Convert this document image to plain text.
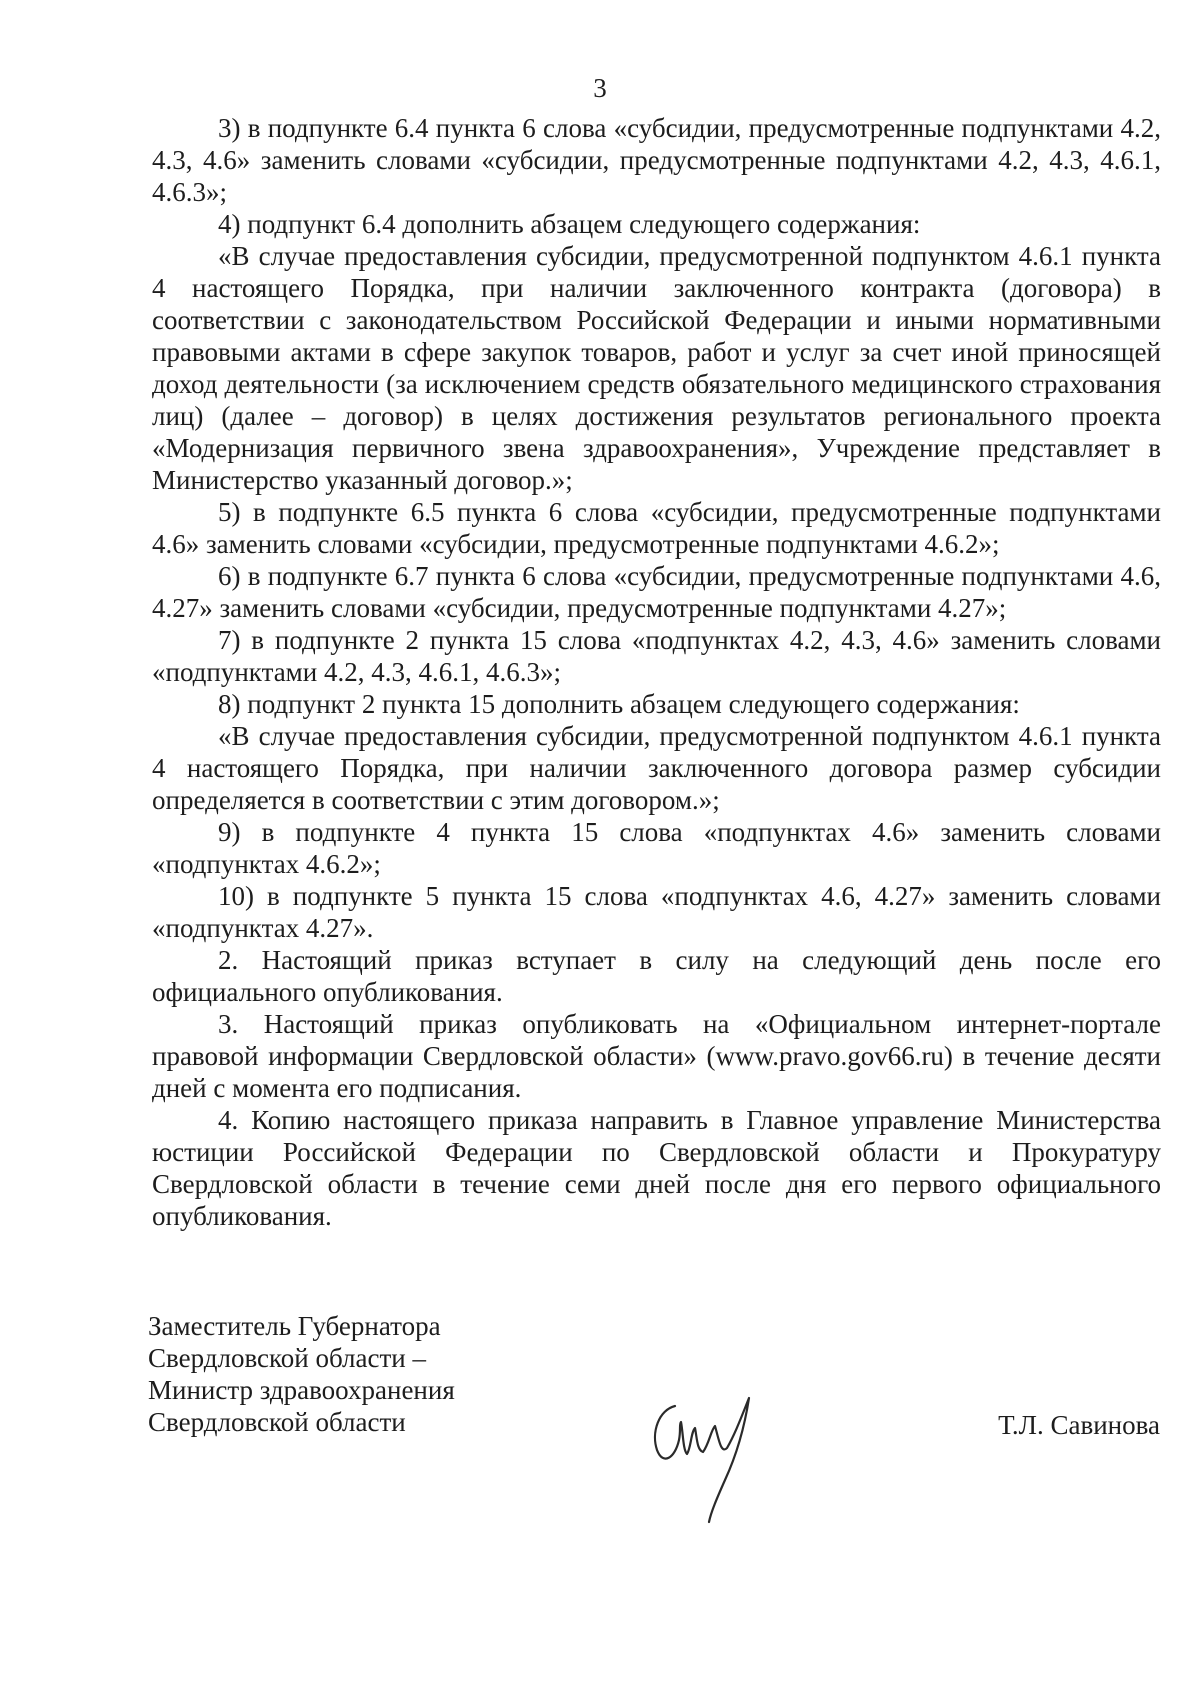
3

3) в подпункте 6.4 пункта 6 слова «субсидии, предусмотренные подпунктами 4.2, 4.3, 4.6» заменить словами «субсидии, предусмотренные подпунктами 4.2, 4.3, 4.6.1, 4.6.3»;

4) подпункт 6.4 дополнить абзацем следующего содержания:

«В случае предоставления субсидии, предусмотренной подпунктом 4.6.1 пункта 4 настоящего Порядка, при наличии заключенного контракта (договора) в соответствии с законодательством Российской Федерации и иными нормативными правовыми актами в сфере закупок товаров, работ и услуг за счет иной приносящей доход деятельности (за исключением средств обязательного медицинского страхования лиц) (далее – договор) в целях достижения результатов регионального проекта «Модернизация первичного звена здравоохранения», Учреждение представляет в Министерство указанный договор.»;

5) в подпункте 6.5 пункта 6 слова «субсидии, предусмотренные подпунктами 4.6» заменить словами «субсидии, предусмотренные подпунктами 4.6.2»;

6) в подпункте 6.7 пункта 6 слова «субсидии, предусмотренные подпунктами 4.6, 4.27» заменить словами «субсидии, предусмотренные подпунктами 4.27»;

7) в подпункте 2 пункта 15 слова «подпунктах 4.2, 4.3, 4.6» заменить словами «подпунктами 4.2, 4.3, 4.6.1, 4.6.3»;

8) подпункт 2 пункта 15 дополнить абзацем следующего содержания:

«В случае предоставления субсидии, предусмотренной подпунктом 4.6.1 пункта 4 настоящего Порядка, при наличии заключенного договора размер субсидии определяется в соответствии с этим договором.»;

9) в подпункте 4 пункта 15 слова «подпунктах 4.6» заменить словами «подпунктах 4.6.2»;

10) в подпункте 5 пункта 15 слова «подпунктах 4.6, 4.27» заменить словами «подпунктах 4.27».

2. Настоящий приказ вступает в силу на следующий день после его официального опубликования.

3. Настоящий приказ опубликовать на «Официальном интернет-портале правовой информации Свердловской области» (www.pravo.gov66.ru) в течение десяти дней с момента его подписания.

4. Копию настоящего приказа направить в Главное управление Министерства юстиции Российской Федерации по Свердловской области и Прокуратуру Свердловской области в течение семи дней после дня его первого официального опубликования.

Заместитель Губернатора
Свердловской области –
Министр здравоохранения
Свердловской области	Т.Л. Савинова
